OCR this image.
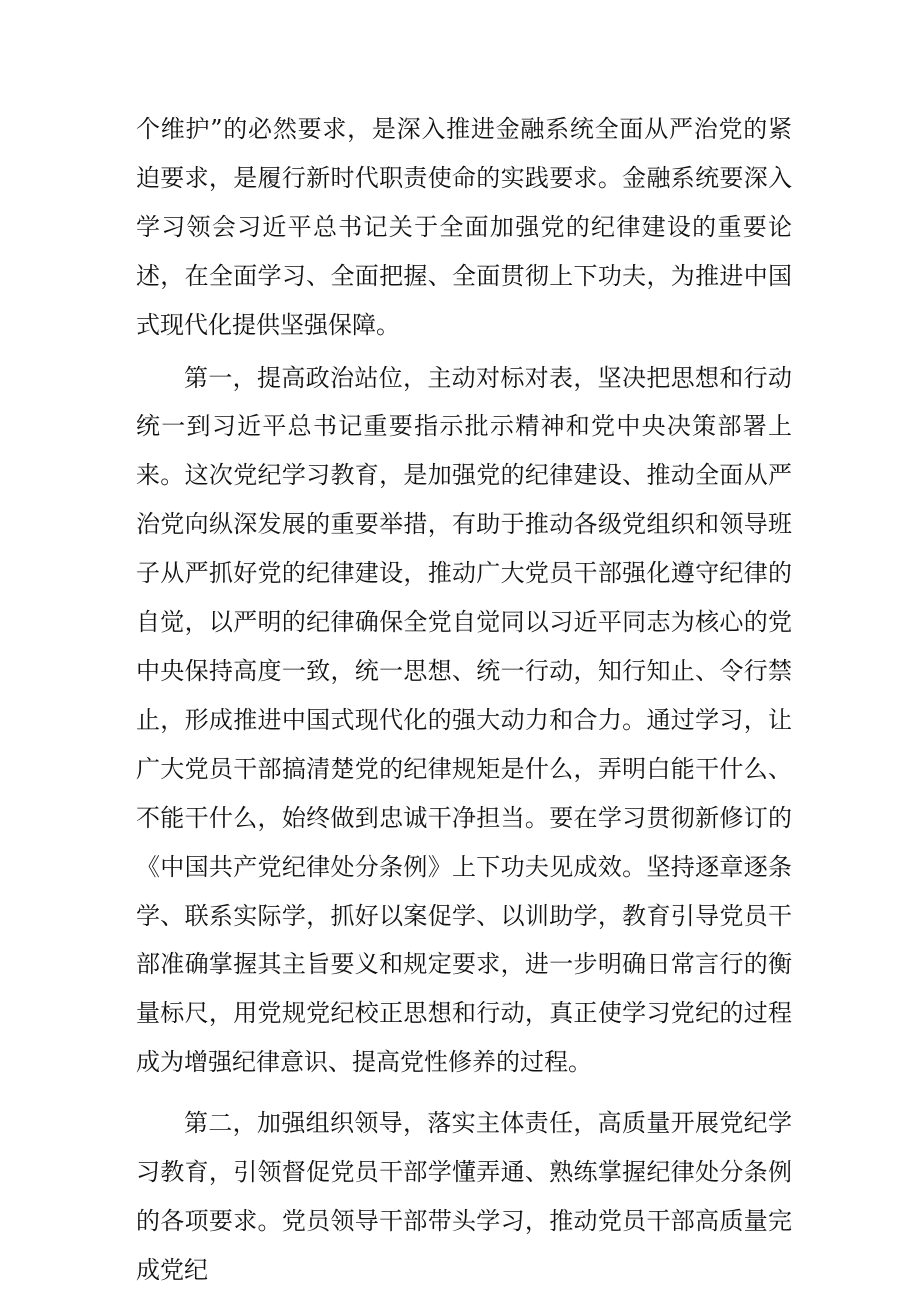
个维护”的必然要求，是深入推进金融系统全面从严治党的紧迫要求，是履行新时代职责使命的实践要求。金融系统要深入学习领会习近平总书记关于全面加强党的纪律建设的重要论述，在全面学习、全面把握、全面贯彻上下功夫，为推进中国式现代化提供坚强保障。

第一，提高政治站位，主动对标对表，坚决把思想和行动统一到习近平总书记重要指示批示精神和党中央决策部署上来。这次党纪学习教育，是加强党的纪律建设、推动全面从严治党向纵深发展的重要举措，有助于推动各级党组织和领导班子从严抓好党的纪律建设，推动广大党员干部强化遵守纪律的自觉，以严明的纪律确保全党自觉同以习近平同志为核心的党中央保持高度一致，统一思想、统一行动，知行知止、令行禁止，形成推进中国式现代化的强大动力和合力。通过学习，让广大党员干部搞清楚党的纪律规矩是什么，弄明白能干什么、不能干什么，始终做到忠诚干净担当。要在学习贯彻新修订的《中国共产党纪律处分条例》上下功夫见成效。坚持逐章逐条学、联系实际学，抓好以案促学、以训助学，教育引导党员干部准确掌握其主旨要义和规定要求，进一步明确日常言行的衡量标尺，用党规党纪校正思想和行动，真正使学习党纪的过程成为增强纪律意识、提高党性修养的过程。

第二，加强组织领导，落实主体责任，高质量开展党纪学习教育，引领督促党员干部学懂弄通、熟练掌握纪律处分条例的各项要求。党员领导干部带头学习，推动党员干部高质量完成党纪
